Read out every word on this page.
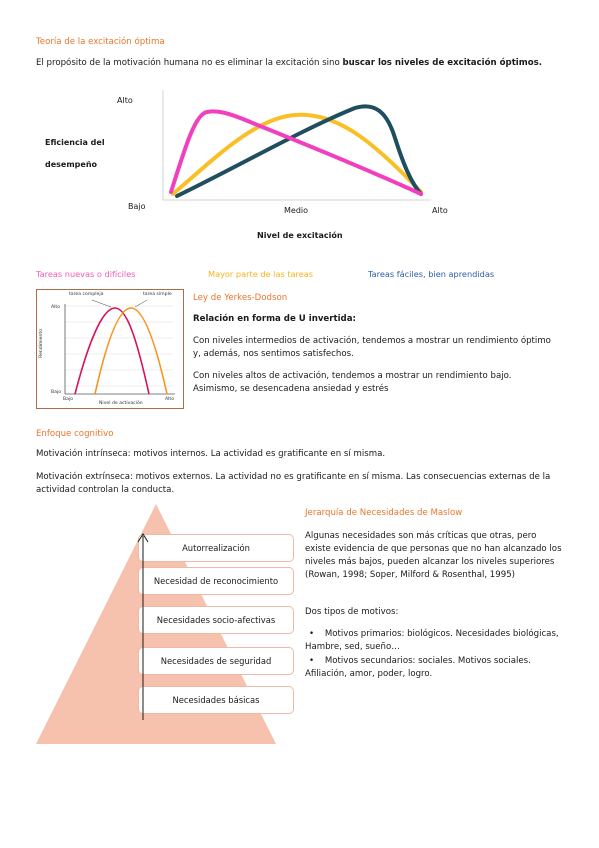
Teoría de la excitación óptima

El propósito de la motivación humana no es eliminar la excitación sino buscar los niveles de excitación óptimos.

Alto
Eficiencia del
desempeño
Bajo	Medio	Alto
Nivel de excitación
Tareas nuevas o difíciles	Mayor parte de las tareas	Tareas fáciles, bien aprendidas
tarea compleja	tarea simple
Alto
Bajo
Rendimiento
Bajo
Nivel de activación
Alto
Ley de Yerkes-Dodson
Relación en forma de U invertida:

Con niveles intermedios de activación, tendemos a mostrar un rendimiento óptimo y, además, nos sentimos satisfechos.

Con niveles altos de activación, tendemos a mostrar un rendimiento bajo. Asimismo, se desencadena ansiedad y estrés

Enfoque cognitivo

Motivación intrínseca: motivos internos. La actividad es gratificante en sí misma.

Motivación extrínseca: motivos externos. La actividad no es gratificante en sí misma. Las consecuencias externas de la actividad controlan la conducta.

Autorrealización
Necesidad de reconocimiento
Necesidades socio-afectivas
Necesidades de seguridad
Necesidades básicas
Jerarquía de Necesidades de Maslow

Algunas necesidades son más críticas que otras, pero existe evidencia de que personas que no han alcanzado los niveles más bajos, pueden alcanzar los niveles superiores (Rowan, 1998; Soper, Milford & Rosenthal, 1995)

Dos tipos de motivos:

• Motivos primarios: biológicos. Necesidades biológicas, Hambre, sed, sueño…
• Motivos secundarios: sociales. Motivos sociales. Afiliación, amor, poder, logro.
